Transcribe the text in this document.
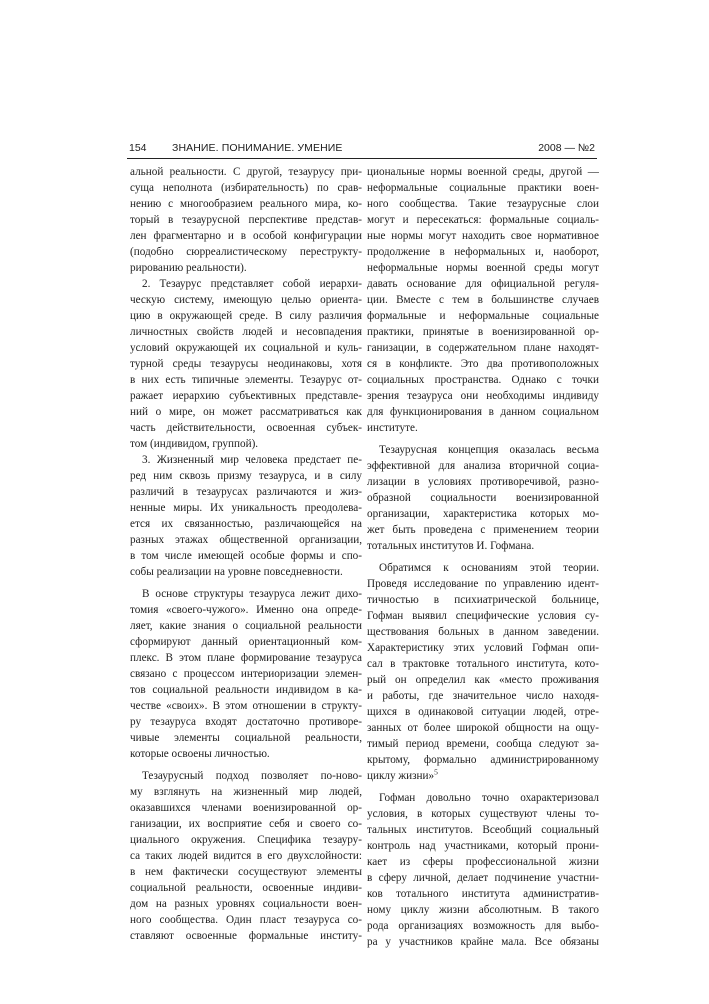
154 ЗНАНИЕ. ПОНИМАНИЕ. УМЕНИЕ	2008 — №2
альной реальности. С другой, тезаурусу при-
суща неполнота (избирательность) по срав-
нению с многообразием реального мира, ко-
торый в тезаурусной перспективе представ-
лен фрагментарно и в особой конфигурации
(подобно сюрреалистическому переструкту-
рированию реальности).
2. Тезаурус представляет собой иерархи-
ческую систему, имеющую целью ориента-
цию в окружающей среде. В силу различия
личностных свойств людей и несовпадения
условий окружающей их социальной и куль-
турной среды тезаурусы неодинаковы, хотя
в них есть типичные элементы. Тезаурус от-
ражает иерархию субъективных представле-
ний о мире, он может рассматриваться как
часть действительности, освоенная субъек-
том (индивидом, группой).
3. Жизненный мир человека предстает пе-
ред ним сквозь призму тезауруса, и в силу
различий в тезаурусах различаются и жиз-
ненные миры. Их уникальность преодолева-
ется их связанностью, различающейся на
разных этажах общественной организации,
в том числе имеющей особые формы и спо-
собы реализации на уровне повседневности.
В основе структуры тезауруса лежит дихо-
томия «своего-чужого». Именно она опреде-
ляет, какие знания о социальной реальности
сформируют данный ориентационный ком-
плекс. В этом плане формирование тезауруса
связано с процессом интериоризации элемен-
тов социальной реальности индивидом в ка-
честве «своих». В этом отношении в структу-
ру тезауруса входят достаточно противоре-
чивые элементы социальной реальности,
которые освоены личностью.
Тезаурусный подход позволяет по-ново-
му взглянуть на жизненный мир людей,
оказавшихся членами военизированной ор-
ганизации, их восприятие себя и своего со-
циального окружения. Специфика тезауру-
са таких людей видится в его двухслойности:
в нем фактически сосуществуют элементы
социальной реальности, освоенные индиви-
дом на разных уровнях социальности воен-
ного сообщества. Один пласт тезауруса со-
ставляют освоенные формальные институ-
циональные нормы военной среды, другой —
неформальные социальные практики воен-
ного сообщества. Такие тезаурусные слои
могут и пересекаться: формальные социаль-
ные нормы могут находить свое нормативное
продолжение в неформальных и, наоборот,
неформальные нормы военной среды могут
давать основание для официальной регуля-
ции. Вместе с тем в большинстве случаев
формальные и неформальные социальные
практики, принятые в военизированной ор-
ганизации, в содержательном плане находят-
ся в конфликте. Это два противоположных
социальных пространства. Однако с точки
зрения тезауруса они необходимы индивиду
для функционирования в данном социальном
институте.
Тезаурусная концепция оказалась весьма
эффективной для анализа вторичной социа-
лизации в условиях противоречивой, разно-
образной социальности военизированной
организации, характеристика которых мо-
жет быть проведена с применением теории
тотальных институтов И. Гофмана.
Обратимся к основаниям этой теории.
Проведя исследование по управлению идент-
тичностью в психиатрической больнице,
Гофман выявил специфические условия су-
ществования больных в данном заведении.
Характеристику этих условий Гофман опи-
сал в трактовке тотального института, кото-
рый он определил как «место проживания
и работы, где значительное число находя-
щихся в одинаковой ситуации людей, отре-
занных от более широкой общности на ощу-
тимый период времени, сообща следуют за-
крытому, формально администрированному
циклу жизни»$^5$
Гофман довольно точно охарактеризовал
условия, в которых существуют члены то-
тальных институтов. Всеобщий социальный
контроль над участниками, который прони-
кает из сферы профессиональной жизни
в сферу личной, делает подчинение участни-
ков тотального института административ-
ному циклу жизни абсолютным. В такого
рода организациях возможность для выбо-
ра у участников крайне мала. Все обязаны
